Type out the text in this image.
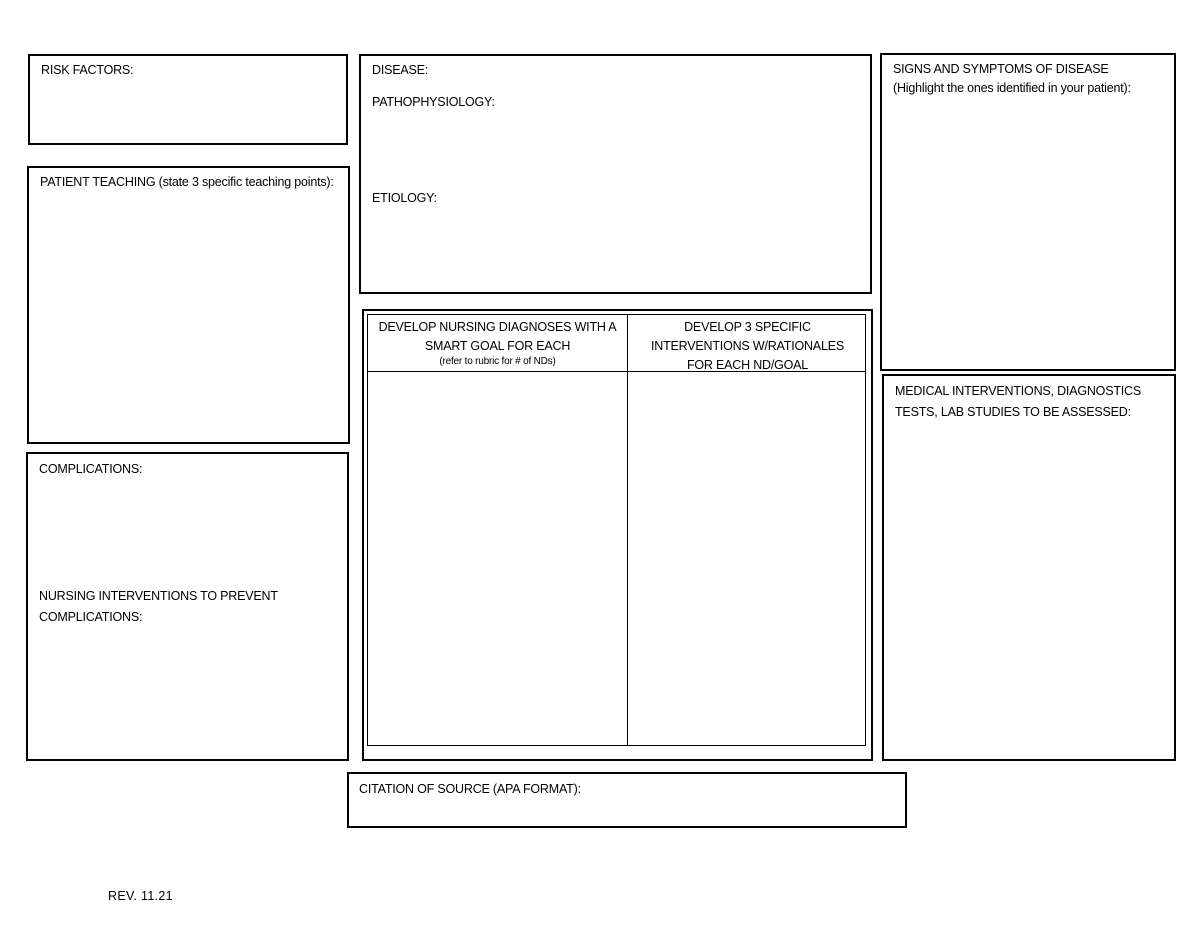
RISK FACTORS:
PATIENT TEACHING (state 3 specific teaching points):
COMPLICATIONS:
NURSING INTERVENTIONS TO PREVENT COMPLICATIONS:
DISEASE:
PATHOPHYSIOLOGY:
ETIOLOGY:
DEVELOP NURSING DIAGNOSES WITH A SMART GOAL FOR EACH
(refer to rubric for # of NDs)
DEVELOP 3 SPECIFIC INTERVENTIONS W/RATIONALES FOR EACH ND/GOAL
SIGNS AND SYMPTOMS OF DISEASE
(Highlight the ones identified in your patient):
MEDICAL INTERVENTIONS, DIAGNOSTICS TESTS, LAB STUDIES TO BE ASSESSED:
CITATION OF SOURCE (APA FORMAT):
REV. 11.21
